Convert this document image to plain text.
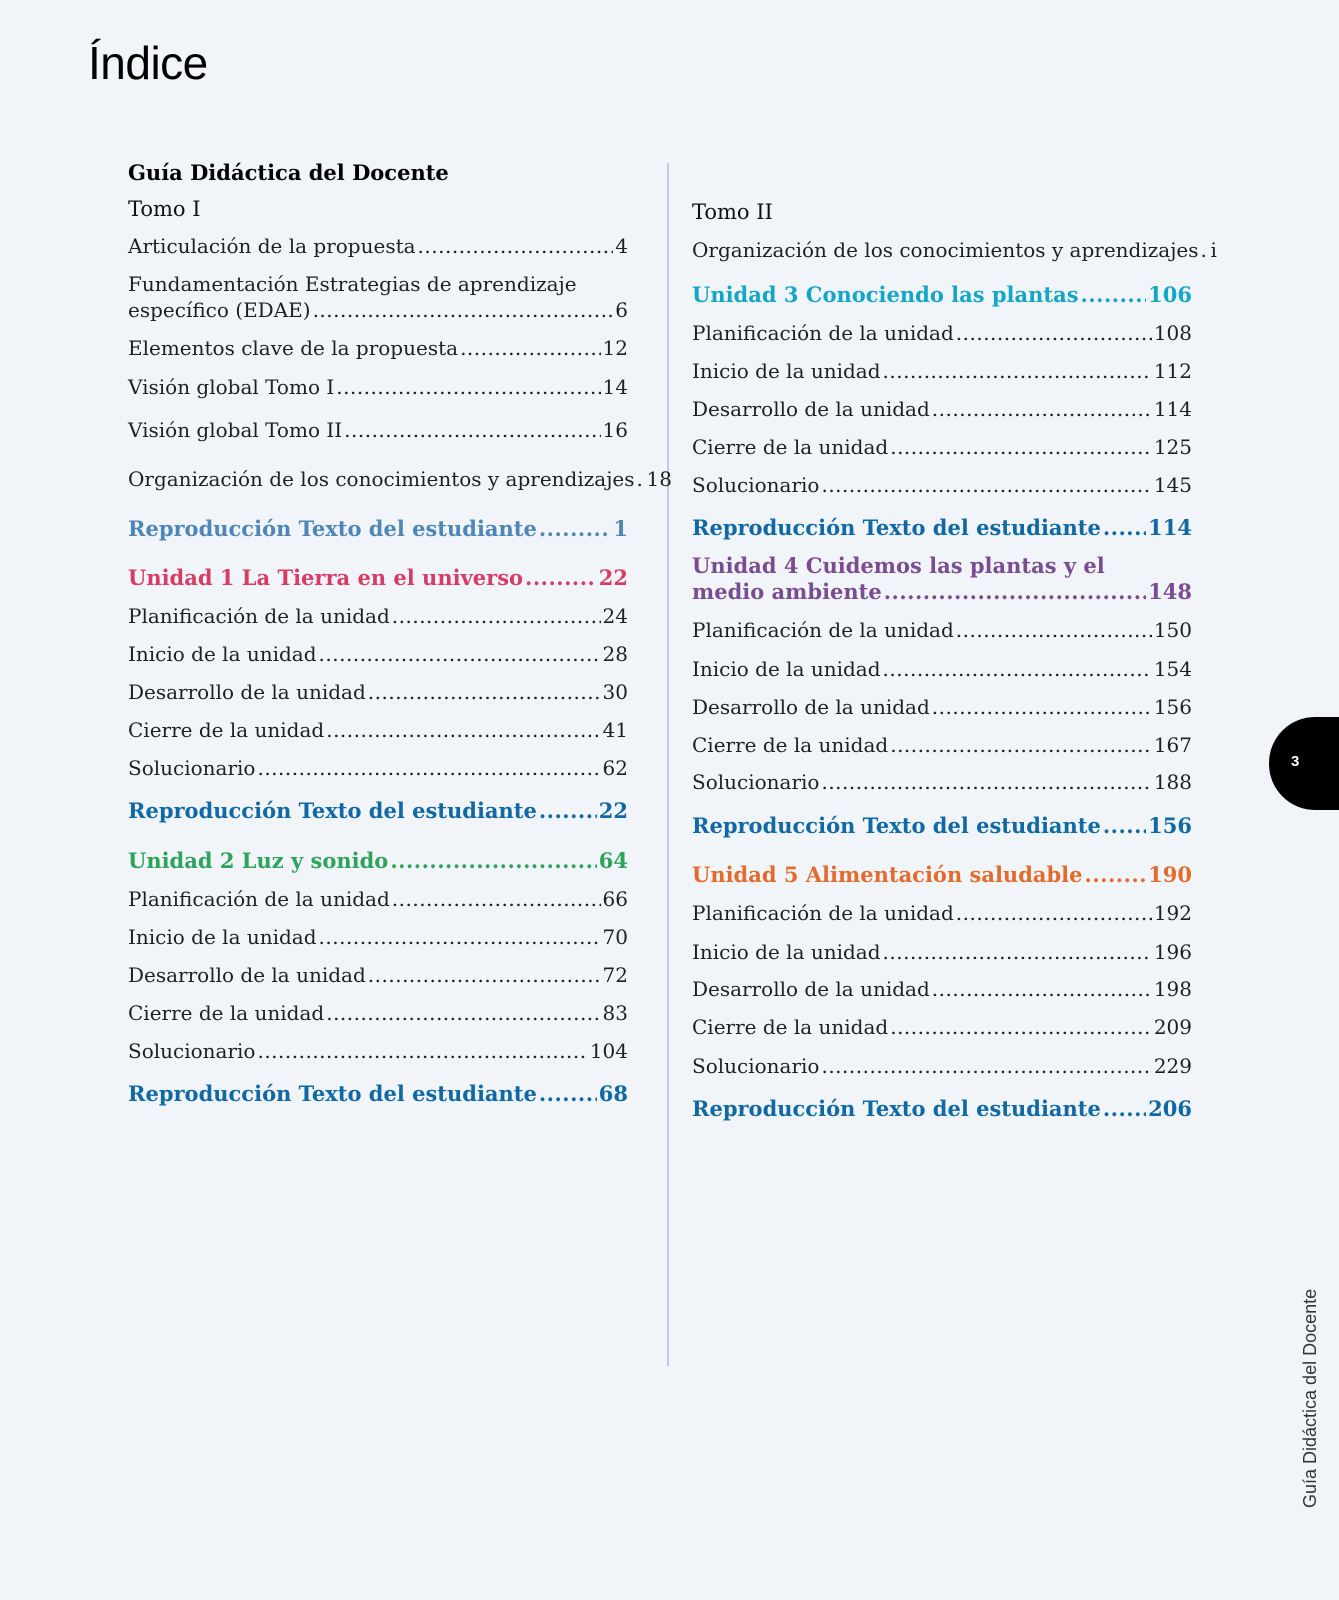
Índice
Guía Didáctica del Docente
Tomo I
Articulación de la propuesta .....	4
Fundamentación Estrategias de aprendizaje
específico (EDAE) .....	6
Elementos clave de la propuesta .....	12
Visión global Tomo I .....	14
Visión global Tomo II .....	16
Organización de los conocimientos y aprendizajes ..... 18
Reproducción Texto del estudiante .....	1
Unidad 1 La Tierra en el universo .....	22
Planificación de la unidad .....	24
Inicio de la unidad .....	28
Desarrollo de la unidad .....	30
Cierre de la unidad .....	41
Solucionario .....	62
Reproducción Texto del estudiante .....	22
Unidad 2 Luz y sonido .....	64
Planificación de la unidad .....	66
Inicio de la unidad .....	70
Desarrollo de la unidad .....	72
Cierre de la unidad .....	83
Solucionario .....	104
Reproducción Texto del estudiante .....	68
Tomo II
Organización de los conocimientos y aprendizajes ..... i
Unidad 3 Conociendo las plantas .....	106
Planificación de la unidad .....	108
Inicio de la unidad .....	112
Desarrollo de la unidad .....	114
Cierre de la unidad .....	125
Solucionario .....	145
Reproducción Texto del estudiante ..... 114
Unidad 4 Cuidemos las plantas y el
medio ambiente .....	148
Planificación de la unidad .....	150
Inicio de la unidad .....	154
Desarrollo de la unidad .....	156
Cierre de la unidad .....	167
Solucionario .....	188
Reproducción Texto del estudiante ..... 156
Unidad 5 Alimentación saludable .....	190
Planificación de la unidad .....	192
Inicio de la unidad .....	196
Desarrollo de la unidad .....	198
Cierre de la unidad .....	209
Solucionario .....	229
Reproducción Texto del estudiante ..... 206
3
Guía Didáctica del Docente
